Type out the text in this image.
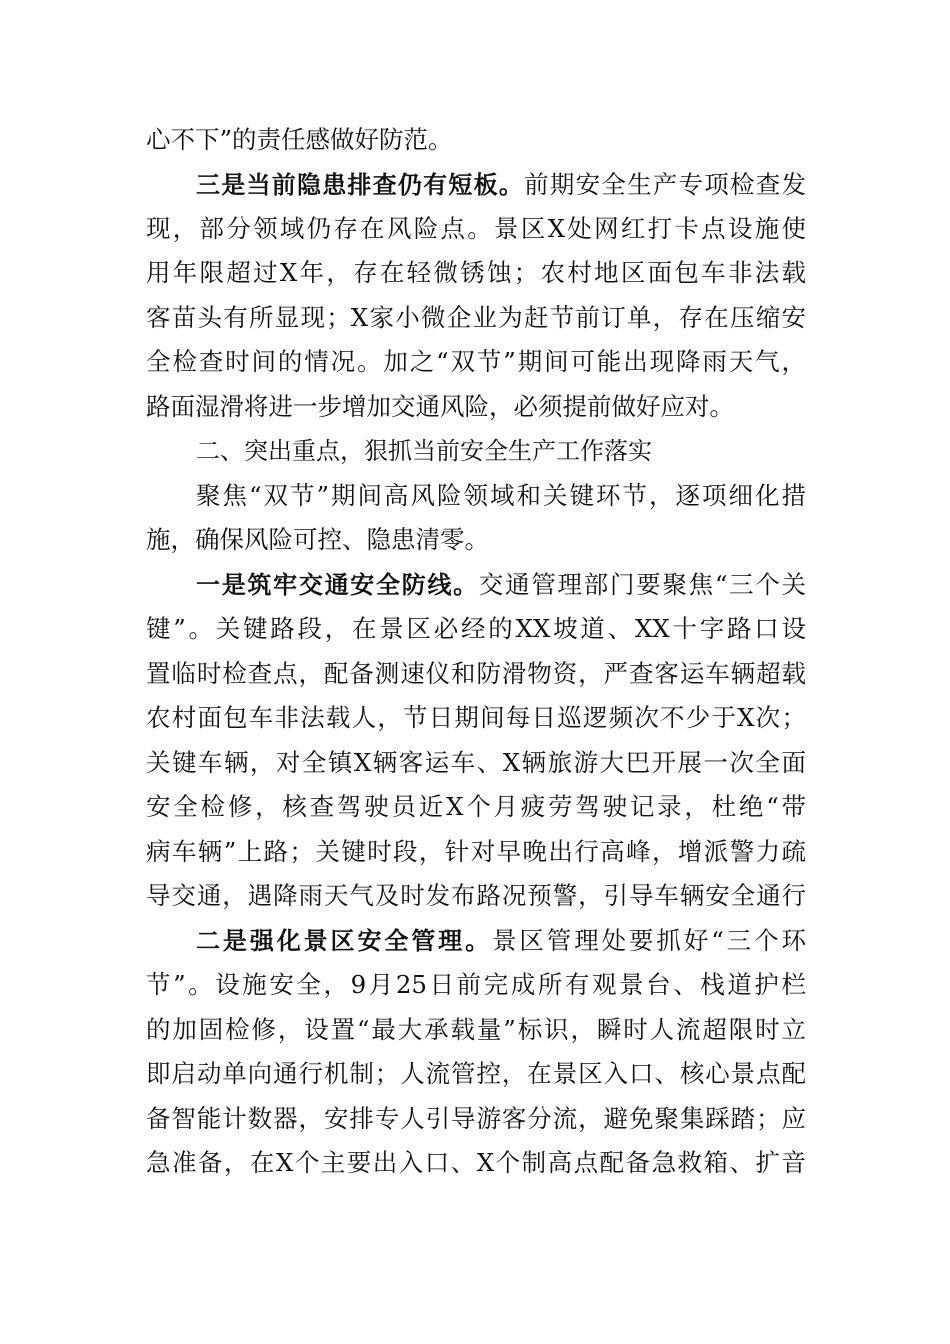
心不下”的责任感做好防范。
三是当前隐患排查仍有短板。前期安全生产专项检查发
现，部分领域仍存在风险点。景区X处网红打卡点设施使
用年限超过X年，存在轻微锈蚀；农村地区面包车非法载
客苗头有所显现；X家小微企业为赶节前订单，存在压缩安
全检查时间的情况。加之“双节”期间可能出现降雨天气，
路面湿滑将进一步增加交通风险，必须提前做好应对。
二、突出重点，狠抓当前安全生产工作落实
聚焦“双节”期间高风险领域和关键环节，逐项细化措
施，确保风险可控、隐患清零。
一是筑牢交通安全防线。交通管理部门要聚焦“三个关
键”。关键路段，在景区必经的XX坡道、XX十字路口设
置临时检查点，配备测速仪和防滑物资，严查客运车辆超载
农村面包车非法载人，节日期间每日巡逻频次不少于X次；
关键车辆，对全镇X辆客运车、X辆旅游大巴开展一次全面
安全检修，核查驾驶员近X个月疲劳驾驶记录，杜绝“带
病车辆”上路；关键时段，针对早晚出行高峰，增派警力疏
导交通，遇降雨天气及时发布路况预警，引导车辆安全通行
二是强化景区安全管理。景区管理处要抓好“三个环
节”。设施安全，9月25日前完成所有观景台、栈道护栏
的加固检修，设置“最大承载量”标识，瞬时人流超限时立
即启动单向通行机制；人流管控，在景区入口、核心景点配
备智能计数器，安排专人引导游客分流，避免聚集踩踏；应
急准备，在X个主要出入口、X个制高点配备急救箱、扩音
